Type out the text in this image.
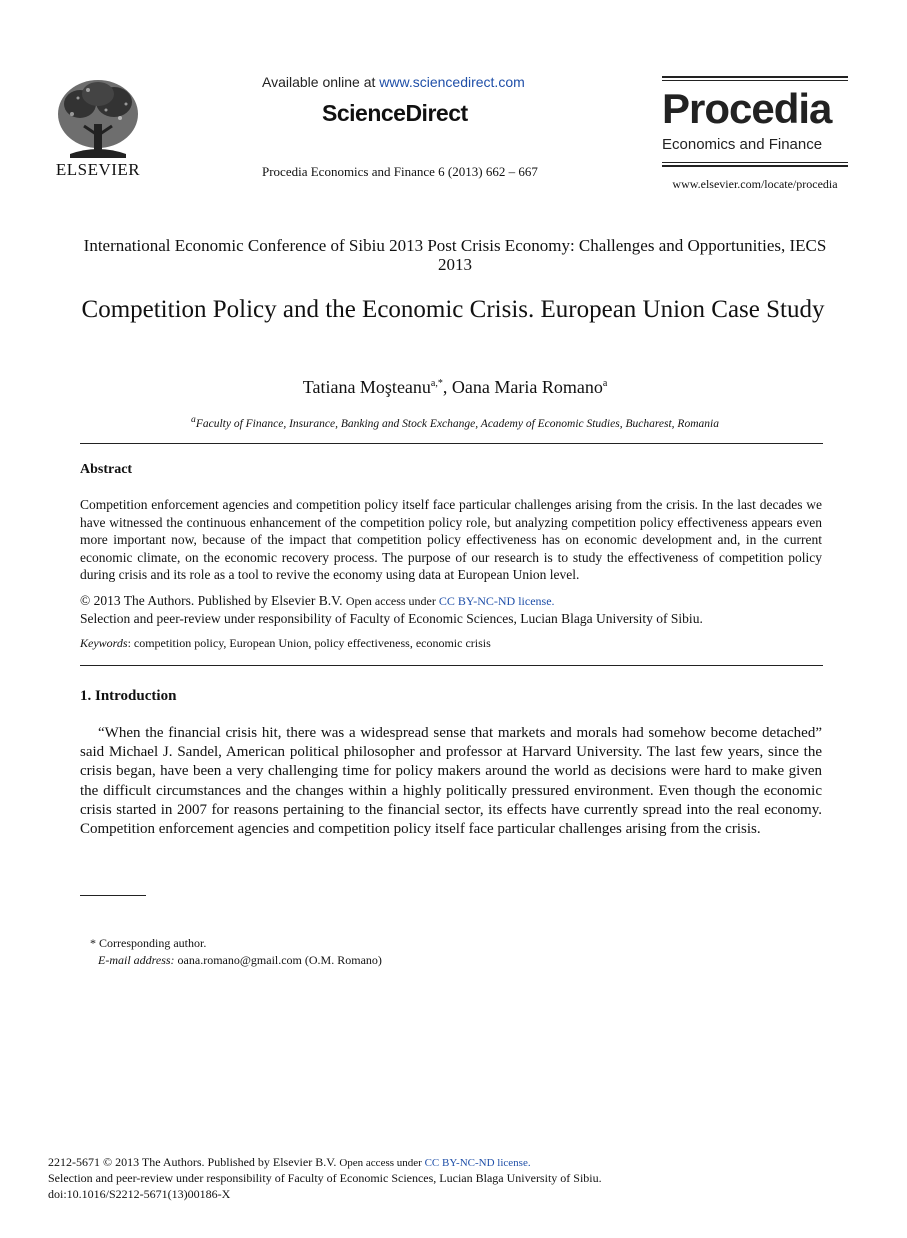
ELSEVIER
Available online at www.sciencedirect.com
ScienceDirect
Procedia Economics and Finance 6 (2013) 662 – 667
Procedia
Economics and Finance
www.elsevier.com/locate/procedia
International Economic Conference of Sibiu 2013 Post Crisis Economy: Challenges and Opportunities, IECS 2013
Competition Policy and the Economic Crisis. European Union Case Study
Tatiana Moşteanu$^{a,*}$, Oana Maria Romano$^a$
$^a$Faculty of Finance, Insurance, Banking and Stock Exchange, Academy of Economic Studies, Bucharest, Romania
Abstract
Competition enforcement agencies and competition policy itself face particular challenges arising from the crisis. In the last decades we have witnessed the continuous enhancement of the competition policy role, but analyzing competition policy effectiveness appears even more important now, because of the impact that competition policy effectiveness has on economic development and, in the current economic climate, on the economic recovery process. The purpose of our research is to study the effectiveness of competition policy during crisis and its role as a tool to revive the economy using data at European Union level.
© 2013 The Authors. Published by Elsevier B.V. Open access under CC BY-NC-ND license.
Selection and peer-review under responsibility of Faculty of Economic Sciences, Lucian Blaga University of Sibiu.
Keywords: competition policy, European Union, policy effectiveness, economic crisis
1. Introduction
“When the financial crisis hit, there was a widespread sense that markets and morals had somehow become detached” said Michael J. Sandel, American political philosopher and professor at Harvard University. The last few years, since the crisis began, have been a very challenging time for policy makers around the world as decisions were hard to make given the difficult circumstances and the changes within a highly politically pressured environment. Even though the economic crisis started in 2007 for reasons pertaining to the financial sector, its effects have currently spread into the real economy. Competition enforcement agencies and competition policy itself face particular challenges arising from the crisis.
* Corresponding author.
E-mail address: oana.romano@gmail.com (O.M. Romano)
2212-5671 © 2013 The Authors. Published by Elsevier B.V. Open access under CC BY-NC-ND license.
Selection and peer-review under responsibility of Faculty of Economic Sciences, Lucian Blaga University of Sibiu.
doi:10.1016/S2212-5671(13)00186-X
